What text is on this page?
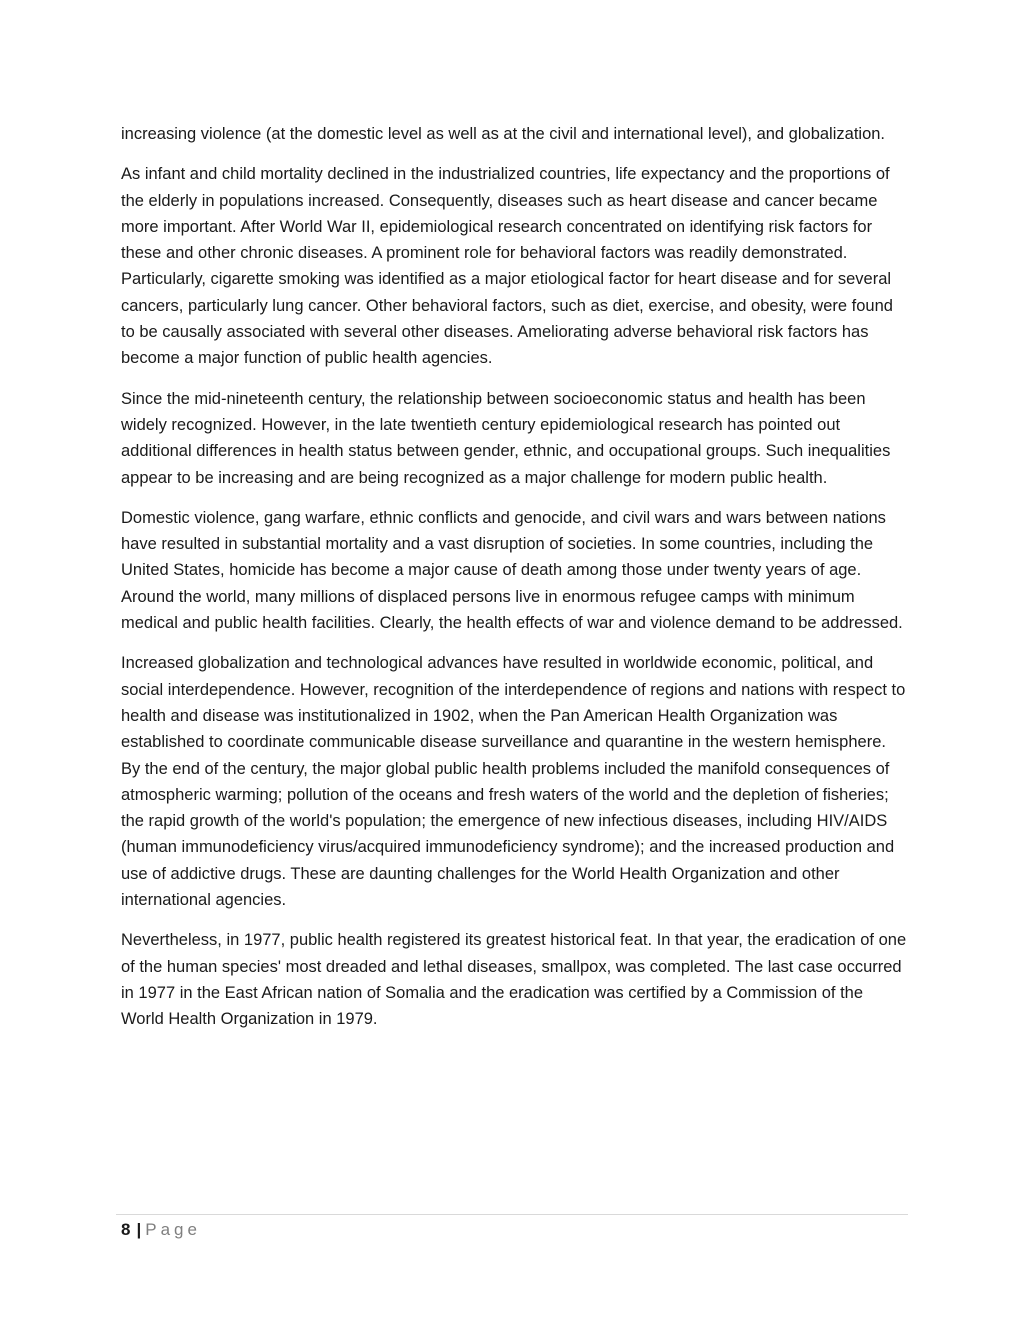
increasing violence (at the domestic level as well as at the civil and international level), and globalization.

As infant and child mortality declined in the industrialized countries, life expectancy and the proportions of the elderly in populations increased. Consequently, diseases such as heart disease and cancer became more important. After World War II, epidemiological research concentrated on identifying risk factors for these and other chronic diseases. A prominent role for behavioral factors was readily demonstrated. Particularly, cigarette smoking was identified as a major etiological factor for heart disease and for several cancers, particularly lung cancer. Other behavioral factors, such as diet, exercise, and obesity, were found to be causally associated with several other diseases. Ameliorating adverse behavioral risk factors has become a major function of public health agencies.

Since the mid-nineteenth century, the relationship between socioeconomic status and health has been widely recognized. However, in the late twentieth century epidemiological research has pointed out additional differences in health status between gender, ethnic, and occupational groups. Such inequalities appear to be increasing and are being recognized as a major challenge for modern public health.

Domestic violence, gang warfare, ethnic conflicts and genocide, and civil wars and wars between nations have resulted in substantial mortality and a vast disruption of societies. In some countries, including the United States, homicide has become a major cause of death among those under twenty years of age. Around the world, many millions of displaced persons live in enormous refugee camps with minimum medical and public health facilities. Clearly, the health effects of war and violence demand to be addressed.

Increased globalization and technological advances have resulted in worldwide economic, political, and social interdependence. However, recognition of the interdependence of regions and nations with respect to health and disease was institutionalized in 1902, when the Pan American Health Organization was established to coordinate communicable disease surveillance and quarantine in the western hemisphere. By the end of the century, the major global public health problems included the manifold consequences of atmospheric warming; pollution of the oceans and fresh waters of the world and the depletion of fisheries; the rapid growth of the world's population; the emergence of new infectious diseases, including HIV/AIDS (human immunodeficiency virus/acquired immunodeficiency syndrome); and the increased production and use of addictive drugs. These are daunting challenges for the World Health Organization and other international agencies.

Nevertheless, in 1977, public health registered its greatest historical feat. In that year, the eradication of one of the human species' most dreaded and lethal diseases, smallpox, was completed. The last case occurred in 1977 in the East African nation of Somalia and the eradication was certified by a Commission of the World Health Organization in 1979.

8 | Page
